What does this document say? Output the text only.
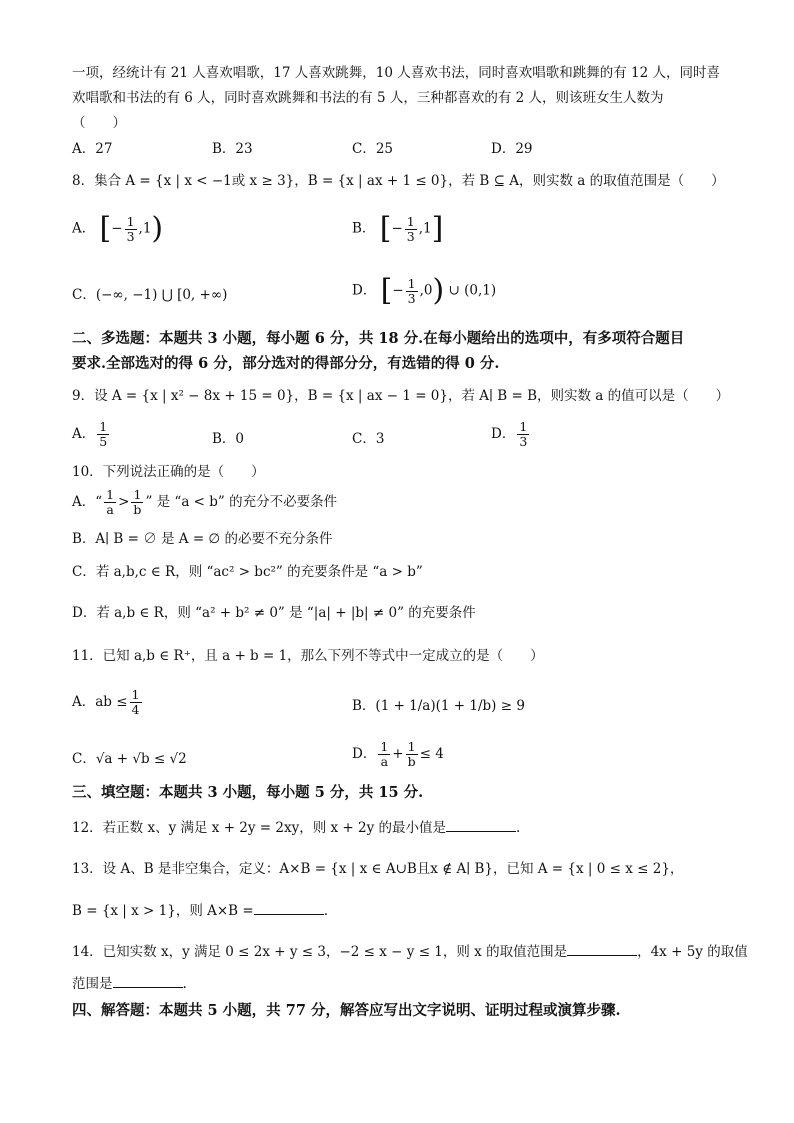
一项，经统计有 21 人喜欢唱歌，17 人喜欢跳舞，10 人喜欢书法，同时喜欢唱歌和跳舞的有 12 人，同时喜
欢唱歌和书法的有 6 人，同时喜欢跳舞和书法的有 5 人，三种都喜欢的有 2 人，则该班女生人数为
（　　）
A．27	B．23	C．25	D．29
8．集合 A = {x | x < −1或 x ≥ 3}，B = {x | ax + 1 ≤ 0}，若 B ⊆ A，则实数 a 的取值范围是（　　）
A． [− $\frac{1}{3} ,1$)	B． [− $\frac{1}{3} ,1$]
C．(−∞, −1) ⋃ [0, +∞)	D． [− $\frac{1}{3} ,0$) ∪ (0,1)
二、多选题：本题共 3 小题，每小题 6 分，共 18 分.在每小题给出的选项中，有多项符合题目
要求.全部选对的得 6 分，部分选对的得部分分，有选错的得 0 分.
9．设 A = {x | x² − 8x + 15 = 0}，B = {x | ax − 1 = 0}，若 A∣ B = B，则实数 a 的值可以是（　　）
A． $\frac{1}{5}$	B．0	C．3	D． $\frac{1}{3}$
10．下列说法正确的是（　　）
A．“ $\frac{1}{a} > \frac{1}{b}$ ” 是 “a < b” 的充分不必要条件
B．A∣ B = ∅ 是 A = ∅ 的必要不充分条件
C．若 a,b,c ∈ R，则 “ac² > bc²” 的充要条件是 “a > b”
D．若 a,b ∈ R，则 “a² + b² ≠ 0” 是 “|a| + |b| ≠ 0” 的充要条件
11．已知 a,b ∈ R⁺，且 a + b = 1，那么下列不等式中一定成立的是（　　）
A．ab ≤ $\frac{1}{4}$	B．(1 + 1/a)(1 + 1/b) ≥ 9
C．√a + √b ≤ √2	D． $\frac{1}{a} + \frac{1}{b} \le 4$
三、填空题：本题共 3 小题，每小题 5 分，共 15 分.
12．若正数 x、y 满足 x + 2y = 2xy，则 x + 2y 的最小值是	.
13．设 A、B 是非空集合，定义：A×B = {x | x ∈ A∪B且x ∉ A∣ B}，已知 A = {x | 0 ≤ x ≤ 2}，
B = {x | x > 1}，则 A×B =	.
14．已知实数 x，y 满足 0 ≤ 2x + y ≤ 3，−2 ≤ x − y ≤ 1，则 x 的取值范围是	，4x + 5y 的取值
范围是	.
四、解答题：本题共 5 小题，共 77 分，解答应写出文字说明、证明过程或演算步骤.
